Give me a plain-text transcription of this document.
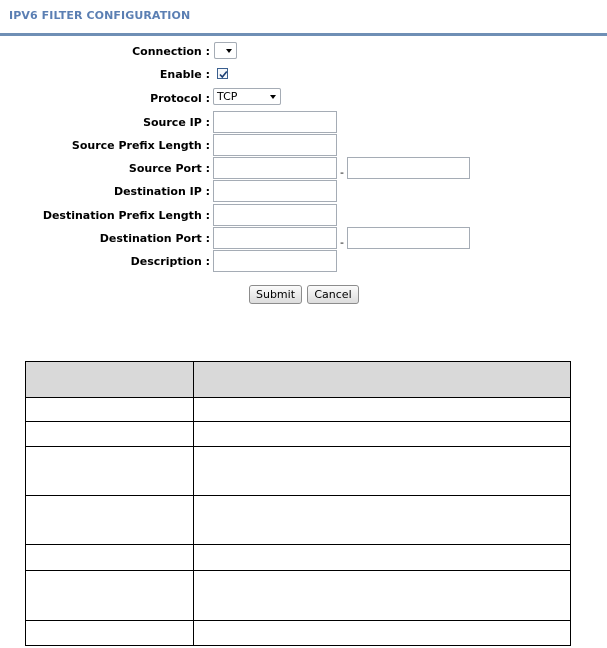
IPV6 FILTER CONFIGURATION
Connection :
Enable :
Protocol : TCP
Source IP :
Source Prefix Length :
Source Port :	-
Destination IP :
Destination Prefix Length :
Destination Port :	-
Description :
Submit	Cancel
